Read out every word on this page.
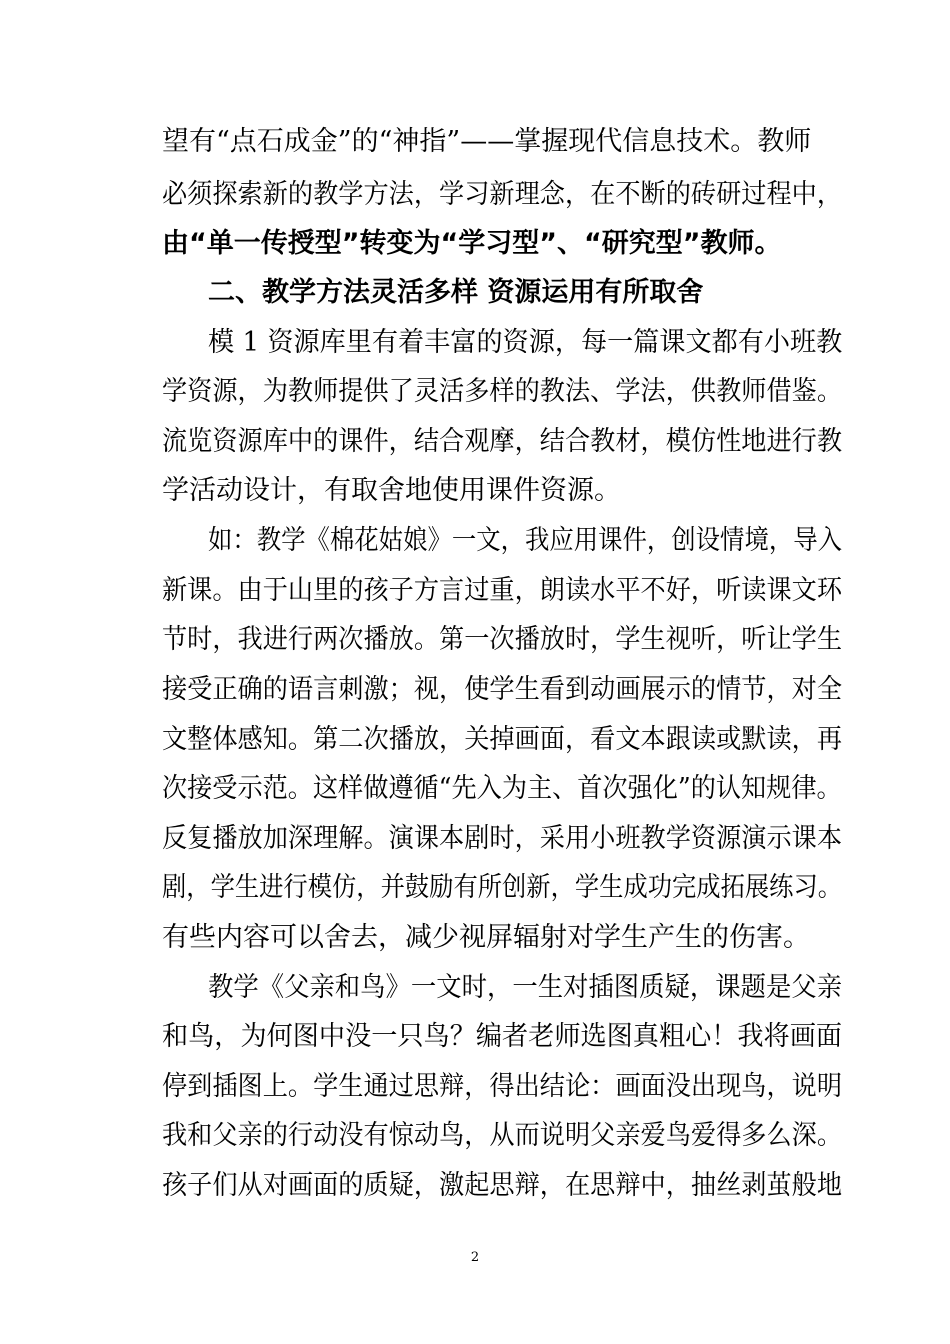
望有“点石成金”的“神指”——掌握现代信息技术。教师
必须探索新的教学方法，学习新理念，在不断的砖研过程中，
由“单一传授型”转变为“学习型”、“研究型”教师。
二、教学方法灵活多样 资源运用有所取舍
模 1 资源库里有着丰富的资源，每一篇课文都有小班教
学资源，为教师提供了灵活多样的教法、学法，供教师借鉴。
流览资源库中的课件，结合观摩，结合教材，模仿性地进行教
学活动设计，有取舍地使用课件资源。
如：教学《棉花姑娘》一文，我应用课件，创设情境，导入
新课。由于山里的孩子方言过重，朗读水平不好，听读课文环
节时，我进行两次播放。第一次播放时，学生视听，听让学生
接受正确的语言刺激；视，使学生看到动画展示的情节，对全
文整体感知。第二次播放，关掉画面，看文本跟读或默读，再
次接受示范。这样做遵循“先入为主、首次强化”的认知规律。
反复播放加深理解。演课本剧时，采用小班教学资源演示课本
剧，学生进行模仿，并鼓励有所创新，学生成功完成拓展练习。
有些内容可以舍去，减少视屏辐射对学生产生的伤害。
教学《父亲和鸟》一文时，一生对插图质疑，课题是父亲
和鸟，为何图中没一只鸟？编者老师选图真粗心！我将画面
停到插图上。学生通过思辩，得出结论：画面没出现鸟，说明
我和父亲的行动没有惊动鸟，从而说明父亲爱鸟爱得多么深。
孩子们从对画面的质疑，激起思辩，在思辩中，抽丝剥茧般地
2
